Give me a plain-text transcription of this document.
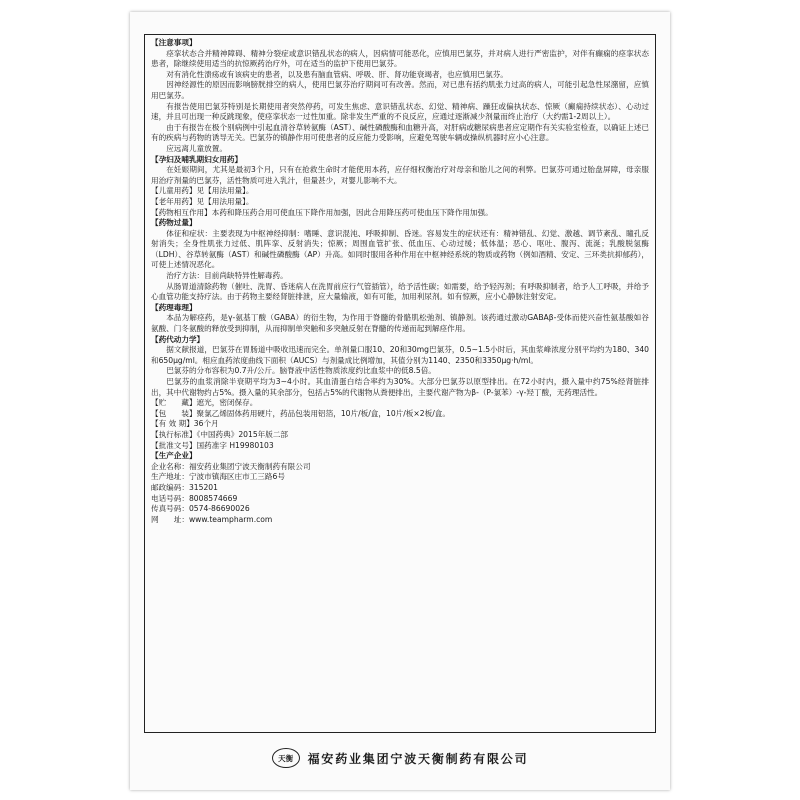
【注意事项】

痉挛状态合并精神障碍、精神分裂症或意识错乱状态的病人，因病情可能恶化，应慎用巴氯芬，并对病人进行严密监护，对伴有癫痫的痉挛状态患者，除继续使用适当的抗惊厥药治疗外，可在适当的监护下使用巴氯芬。

对有消化性溃疡或有该病史的患者，以及患有脑血管病、呼吸、肝、肾功能衰竭者，也应慎用巴氯芬。

因神经源性的原因而影响膀胱排空的病人，使用巴氯芬治疗期间可有改善。然而，对已患有括约肌张力过高的病人，可能引起急性尿潴留，应慎用巴氯芬。

有报告使用巴氯芬特别是长期使用者突然停药，可发生焦虑、意识错乱状态、幻觉、精神病、躁狂或偏执状态、惊厥（癫痫持续状态）、心动过速，并且可出现一种反跳现象，使痉挛状态一过性加重。除非发生严重的不良反应，应通过逐渐减少剂量而终止治疗（大约需1-2周以上）。

由于有报告在极个别病例中引起血清谷草转氨酶（AST）、碱性磷酸酶和血糖升高，对肝病或糖尿病患者应定期作有关实验室检查，以确证上述已有的疾病与药物的诱导无关。巴氯芬的镇静作用可使患者的反应能力受影响，应避免驾驶车辆或操纵机器时应小心注意。

应远离儿童放置。

【孕妇及哺乳期妇女用药】

在妊娠期间，尤其是最初3个月，只有在抢救生命时才能使用本药，应仔细权衡治疗对母亲和胎儿之间的利弊。巴氯芬可通过胎盘屏障，母亲服用治疗剂量的巴氯芬，活性物质可进入乳汁，但量甚少，对婴儿影响不大。

【儿童用药】见【用法用量】。

【老年用药】见【用法用量】。

【药物相互作用】本药和降压药合用可使血压下降作用加强，因此合用降压药可使血压下降作用加强。

【药物过量】

体征和症状：主要表现为中枢神经抑制：嗜睡、意识混沌、呼吸抑制、昏迷。容易发生的症状还有：精神错乱、幻觉、激越、调节紊乱、瞳孔反射消失；全身性肌张力过低、肌阵挛、反射消失；惊厥；周围血管扩张、低血压、心动过缓；低体温；恶心、呕吐、腹泻、流涎；乳酸脱氢酶（LDH）、谷草转氨酶（AST）和碱性磷酸酶（AP）升高。如同时服用各种作用在中枢神经系统的物质或药物（例如酒精、安定、三环类抗抑郁药），可使上述情况恶化。

治疗方法：目前尚缺特异性解毒药。

从肠胃道清除药物（催吐、洗胃、昏迷病人在洗胃前应行气管插管），给予活性碳；如需要，给予轻泻剂；有呼吸抑制者，给予人工呼吸，并给予心血管功能支持疗法。由于药物主要经肾脏排泄，应大量输液，如有可能，加用利尿剂。如有惊厥，应小心静脉注射安定。

【药理毒理】

本品为解痉药，是γ-氨基丁酸（GABA）的衍生物，为作用于脊髓的骨骼肌松弛剂、镇静剂。该药通过激动GABAβ-受体而使兴奋性氨基酸如谷氨酸、门冬氨酸的释放受到抑制，从而抑制单突触和多突触反射在脊髓的传递而起到解痉作用。

【药代动力学】

据文献报道，巴氯芬在胃肠道中吸收迅速而完全。单剂量口服10、20和30mg巴氯芬，0.5~1.5小时后，其血浆峰浓度分别平均约为180、340和650μg/ml。相应血药浓度曲线下面积（AUCS）与剂量成比例增加，其值分别为1140、2350和3350μg·h/ml。

巴氯芬的分布容积为0.7升/公斤。脑脊液中活性物质浓度约比血浆中的低8.5倍。

巴氯芬的血浆消除半衰期平均为3~4小时。其血清蛋白结合率约为30%。大部分巴氯芬以原型排出。在72小时内，摄入量中约75%经肾脏排出，其中代谢物约占5%。摄入量的其余部分，包括占5%的代谢物从粪便排出，主要代谢产物为β-（P-氯苯）-γ-羟丁酸，无药理活性。

【贮　　藏】遮光，密闭保存。

【包　　装】聚氯乙烯固体药用硬片，药品包装用铝箔，10片/板/盒，10片/板×2板/盒。

【有 效 期】36个月

【执行标准】《中国药典》2015年版二部

【批准文号】国药准字 H19980103

【生产企业】

企业名称：福安药业集团宁波天衡制药有限公司

生产地址：宁波市镇海区庄市工三路6号

邮政编码：315201

电话号码：8008574669

传真号码：0574-86690026

网　　址：www.teampharm.com

天衡	福安药业集团宁波天衡制药有限公司
